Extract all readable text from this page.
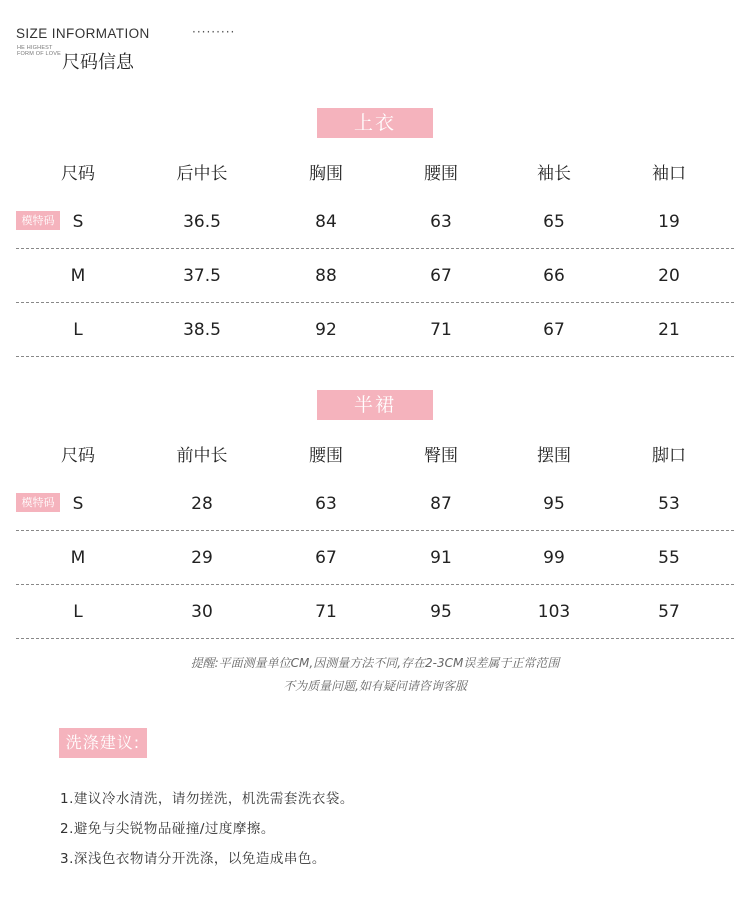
SIZE INFORMATION	·········
HE HIGHEST
FORM OF LOVE 尺码信息
上衣
尺码	后中长	胸围	腰围	袖长	袖口
模特码	S	36.5	84	63	65	19
M	37.5	88	67	66	20
L	38.5	92	71	67	21
半裙
尺码	前中长	腰围	臀围	摆围	脚口
模特码	S	28	63	87	95	53
M	29	67	91	99	55
L	30	71	95	103	57
提醒:平面测量单位CM,因测量方法不同,存在2-3CM误差属于正常范围
不为质量问题,如有疑问请咨询客服
洗涤建议:
1.建议冷水清洗，请勿搓洗，机洗需套洗衣袋。
2.避免与尖锐物品碰撞/过度摩擦。
3.深浅色衣物请分开洗涤，以免造成串色。
